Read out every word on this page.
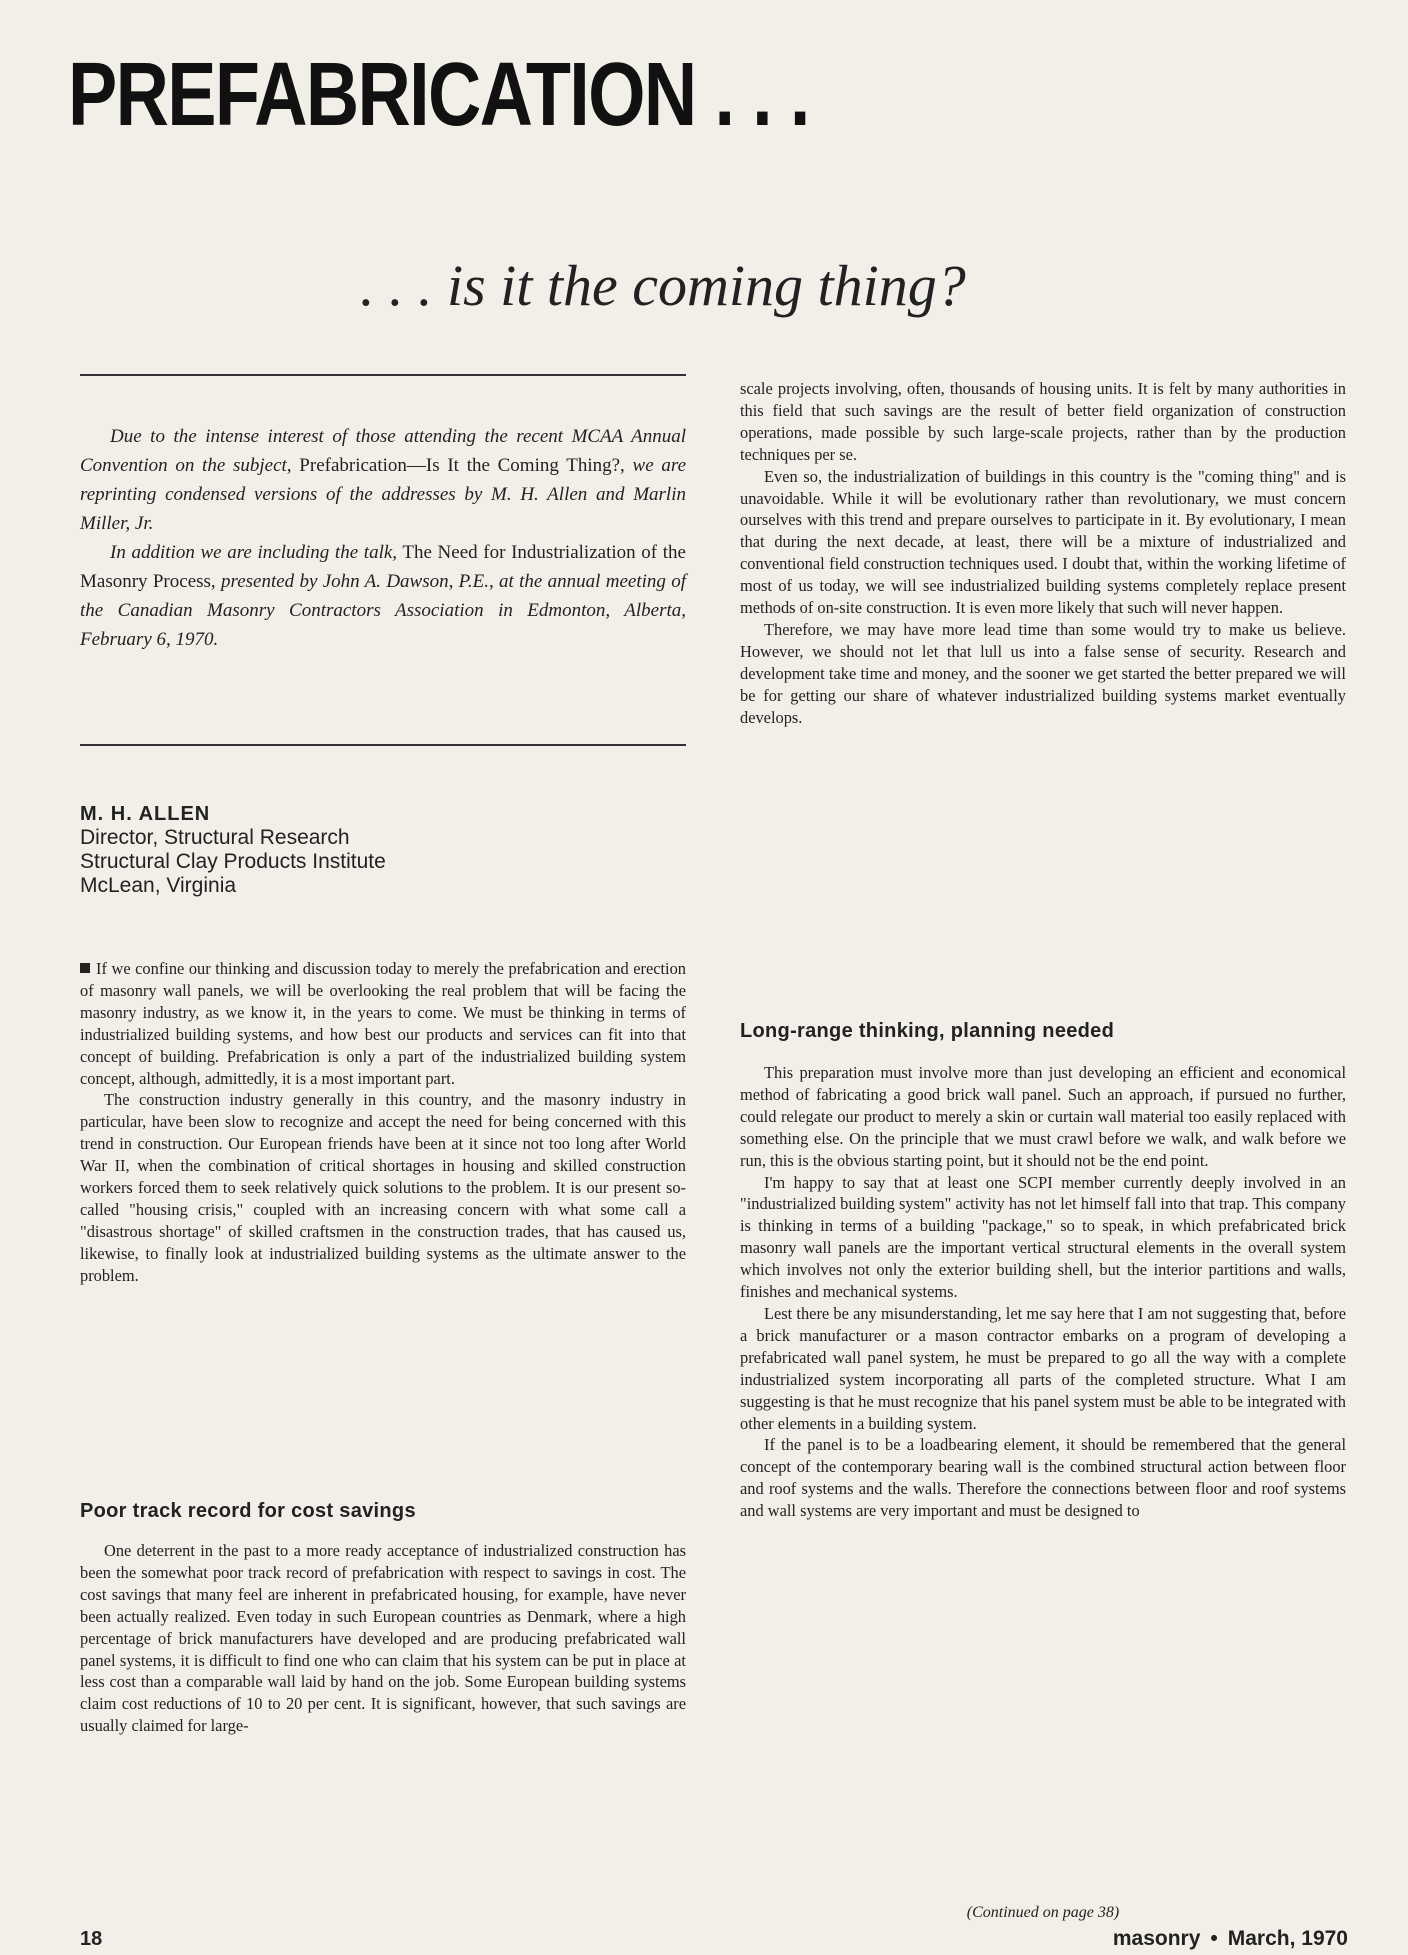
PREFABRICATION . . .
. . . is it the coming thing?

Due to the intense interest of those attending the recent MCAA Annual Convention on the subject, Prefabrication—Is It the Coming Thing?, we are reprinting condensed versions of the addresses by M. H. Allen and Marlin Miller, Jr.

In addition we are including the talk, The Need for Industrialization of the Masonry Process, presented by John A. Dawson, P.E., at the annual meeting of the Canadian Masonry Contractors Association in Edmonton, Alberta, February 6, 1970.

M. H. ALLEN
Director, Structural Research
Structural Clay Products Institute
McLean, Virginia

If we confine our thinking and discussion today to merely the prefabrication and erection of masonry wall panels, we will be overlooking the real problem that will be facing the masonry industry, as we know it, in the years to come. We must be thinking in terms of industrialized building systems, and how best our products and services can fit into that concept of building. Prefabrication is only a part of the industrialized building system concept, although, admittedly, it is a most important part.

The construction industry generally in this country, and the masonry industry in particular, have been slow to recognize and accept the need for being concerned with this trend in construction. Our European friends have been at it since not too long after World War II, when the combination of critical shortages in housing and skilled construction workers forced them to seek relatively quick solutions to the problem. It is our present so-called "housing crisis," coupled with an increasing concern with what some call a "disastrous shortage" of skilled craftsmen in the construction trades, that has caused us, likewise, to finally look at industrialized building systems as the ultimate answer to the problem.

Poor track record for cost savings

One deterrent in the past to a more ready acceptance of industrialized construction has been the somewhat poor track record of prefabrication with respect to savings in cost. The cost savings that many feel are inherent in prefabricated housing, for example, have never been actually realized. Even today in such European countries as Denmark, where a high percentage of brick manufacturers have developed and are producing prefabricated wall panel systems, it is difficult to find one who can claim that his system can be put in place at less cost than a comparable wall laid by hand on the job. Some European building systems claim cost reductions of 10 to 20 per cent. It is significant, however, that such savings are usually claimed for large-

scale projects involving, often, thousands of housing units. It is felt by many authorities in this field that such savings are the result of better field organization of construction operations, made possible by such large-scale projects, rather than by the production techniques per se.

Even so, the industrialization of buildings in this country is the "coming thing" and is unavoidable. While it will be evolutionary rather than revolutionary, we must concern ourselves with this trend and prepare ourselves to participate in it. By evolutionary, I mean that during the next decade, at least, there will be a mixture of industrialized and conventional field construction techniques used. I doubt that, within the working lifetime of most of us today, we will see industrialized building systems completely replace present methods of on-site construction. It is even more likely that such will never happen.

Therefore, we may have more lead time than some would try to make us believe. However, we should not let that lull us into a false sense of security. Research and development take time and money, and the sooner we get started the better prepared we will be for getting our share of whatever industrialized building systems market eventually develops.

Long-range thinking, planning needed

This preparation must involve more than just developing an efficient and economical method of fabricating a good brick wall panel. Such an approach, if pursued no further, could relegate our product to merely a skin or curtain wall material too easily replaced with something else. On the principle that we must crawl before we walk, and walk before we run, this is the obvious starting point, but it should not be the end point.

I'm happy to say that at least one SCPI member currently deeply involved in an "industrialized building system" activity has not let himself fall into that trap. This company is thinking in terms of a building "package," so to speak, in which prefabricated brick masonry wall panels are the important vertical structural elements in the overall system which involves not only the exterior building shell, but the interior partitions and walls, finishes and mechanical systems.

Lest there be any misunderstanding, let me say here that I am not suggesting that, before a brick manufacturer or a mason contractor embarks on a program of developing a prefabricated wall panel system, he must be prepared to go all the way with a complete industrialized system incorporating all parts of the completed structure. What I am suggesting is that he must recognize that his panel system must be able to be integrated with other elements in a building system.

If the panel is to be a loadbearing element, it should be remembered that the general concept of the contemporary bearing wall is the combined structural action between floor and roof systems and the walls. Therefore the connections between floor and roof systems and wall systems are very important and must be designed to

(Continued on page 38)
18	masonry • March, 1970
